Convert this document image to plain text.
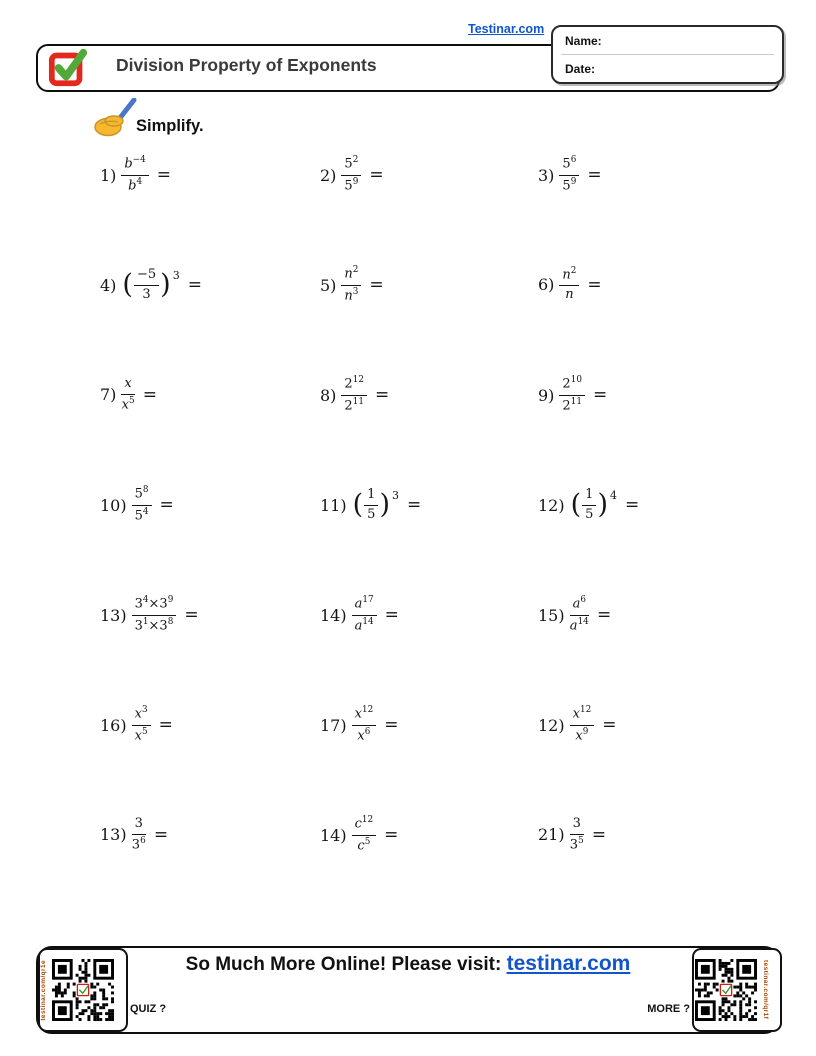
Testinar.com
Division Property of Exponents
Name:
Date:
Simplify.
$1) \frac{b^{-4}}{b^4}$ =	$2) \frac{5^2}{5^9}$ =	$3) \frac{5^6}{5^9}$ =
4) ( $\frac{-5}{3}$ ) 3 =	$5) \frac{n^2}{n^3}$ =	$6) \frac{n^2}{n}$ =
$7) \frac{x}{x^5}$ =	$8) \frac{2^{12}}{2^{11}}$ =	$9) \frac{2^{10}}{2^{11}}$ =
$10) \frac{5^8}{5^4}$ =	11) ( $\frac{1}{5}$ ) 3 =	12) ( $\frac{1}{5}$ ) 4 =
$13) \frac{3^4\times 3^9}{3^1\times 3^8}$ =	$14) \frac{a^{17}}{a^{14}}$ =	$15) \frac{a^6}{a^{14}}$ =
$16) \frac{x^3}{x^5}$ =	$17) \frac{x^{12}}{x^6}$ =	$12) \frac{x^{12}}{x^9}$ =
$13) \frac{3}{3^6}$ =	$14) \frac{c^{12}}{c^5}$ =	$21) \frac{3}{3^5}$ =
testinar.com/qr1e	testinar.com/qr1f
So Much More Online! Please visit: testinar.com
QUIZ ?	MORE ?
